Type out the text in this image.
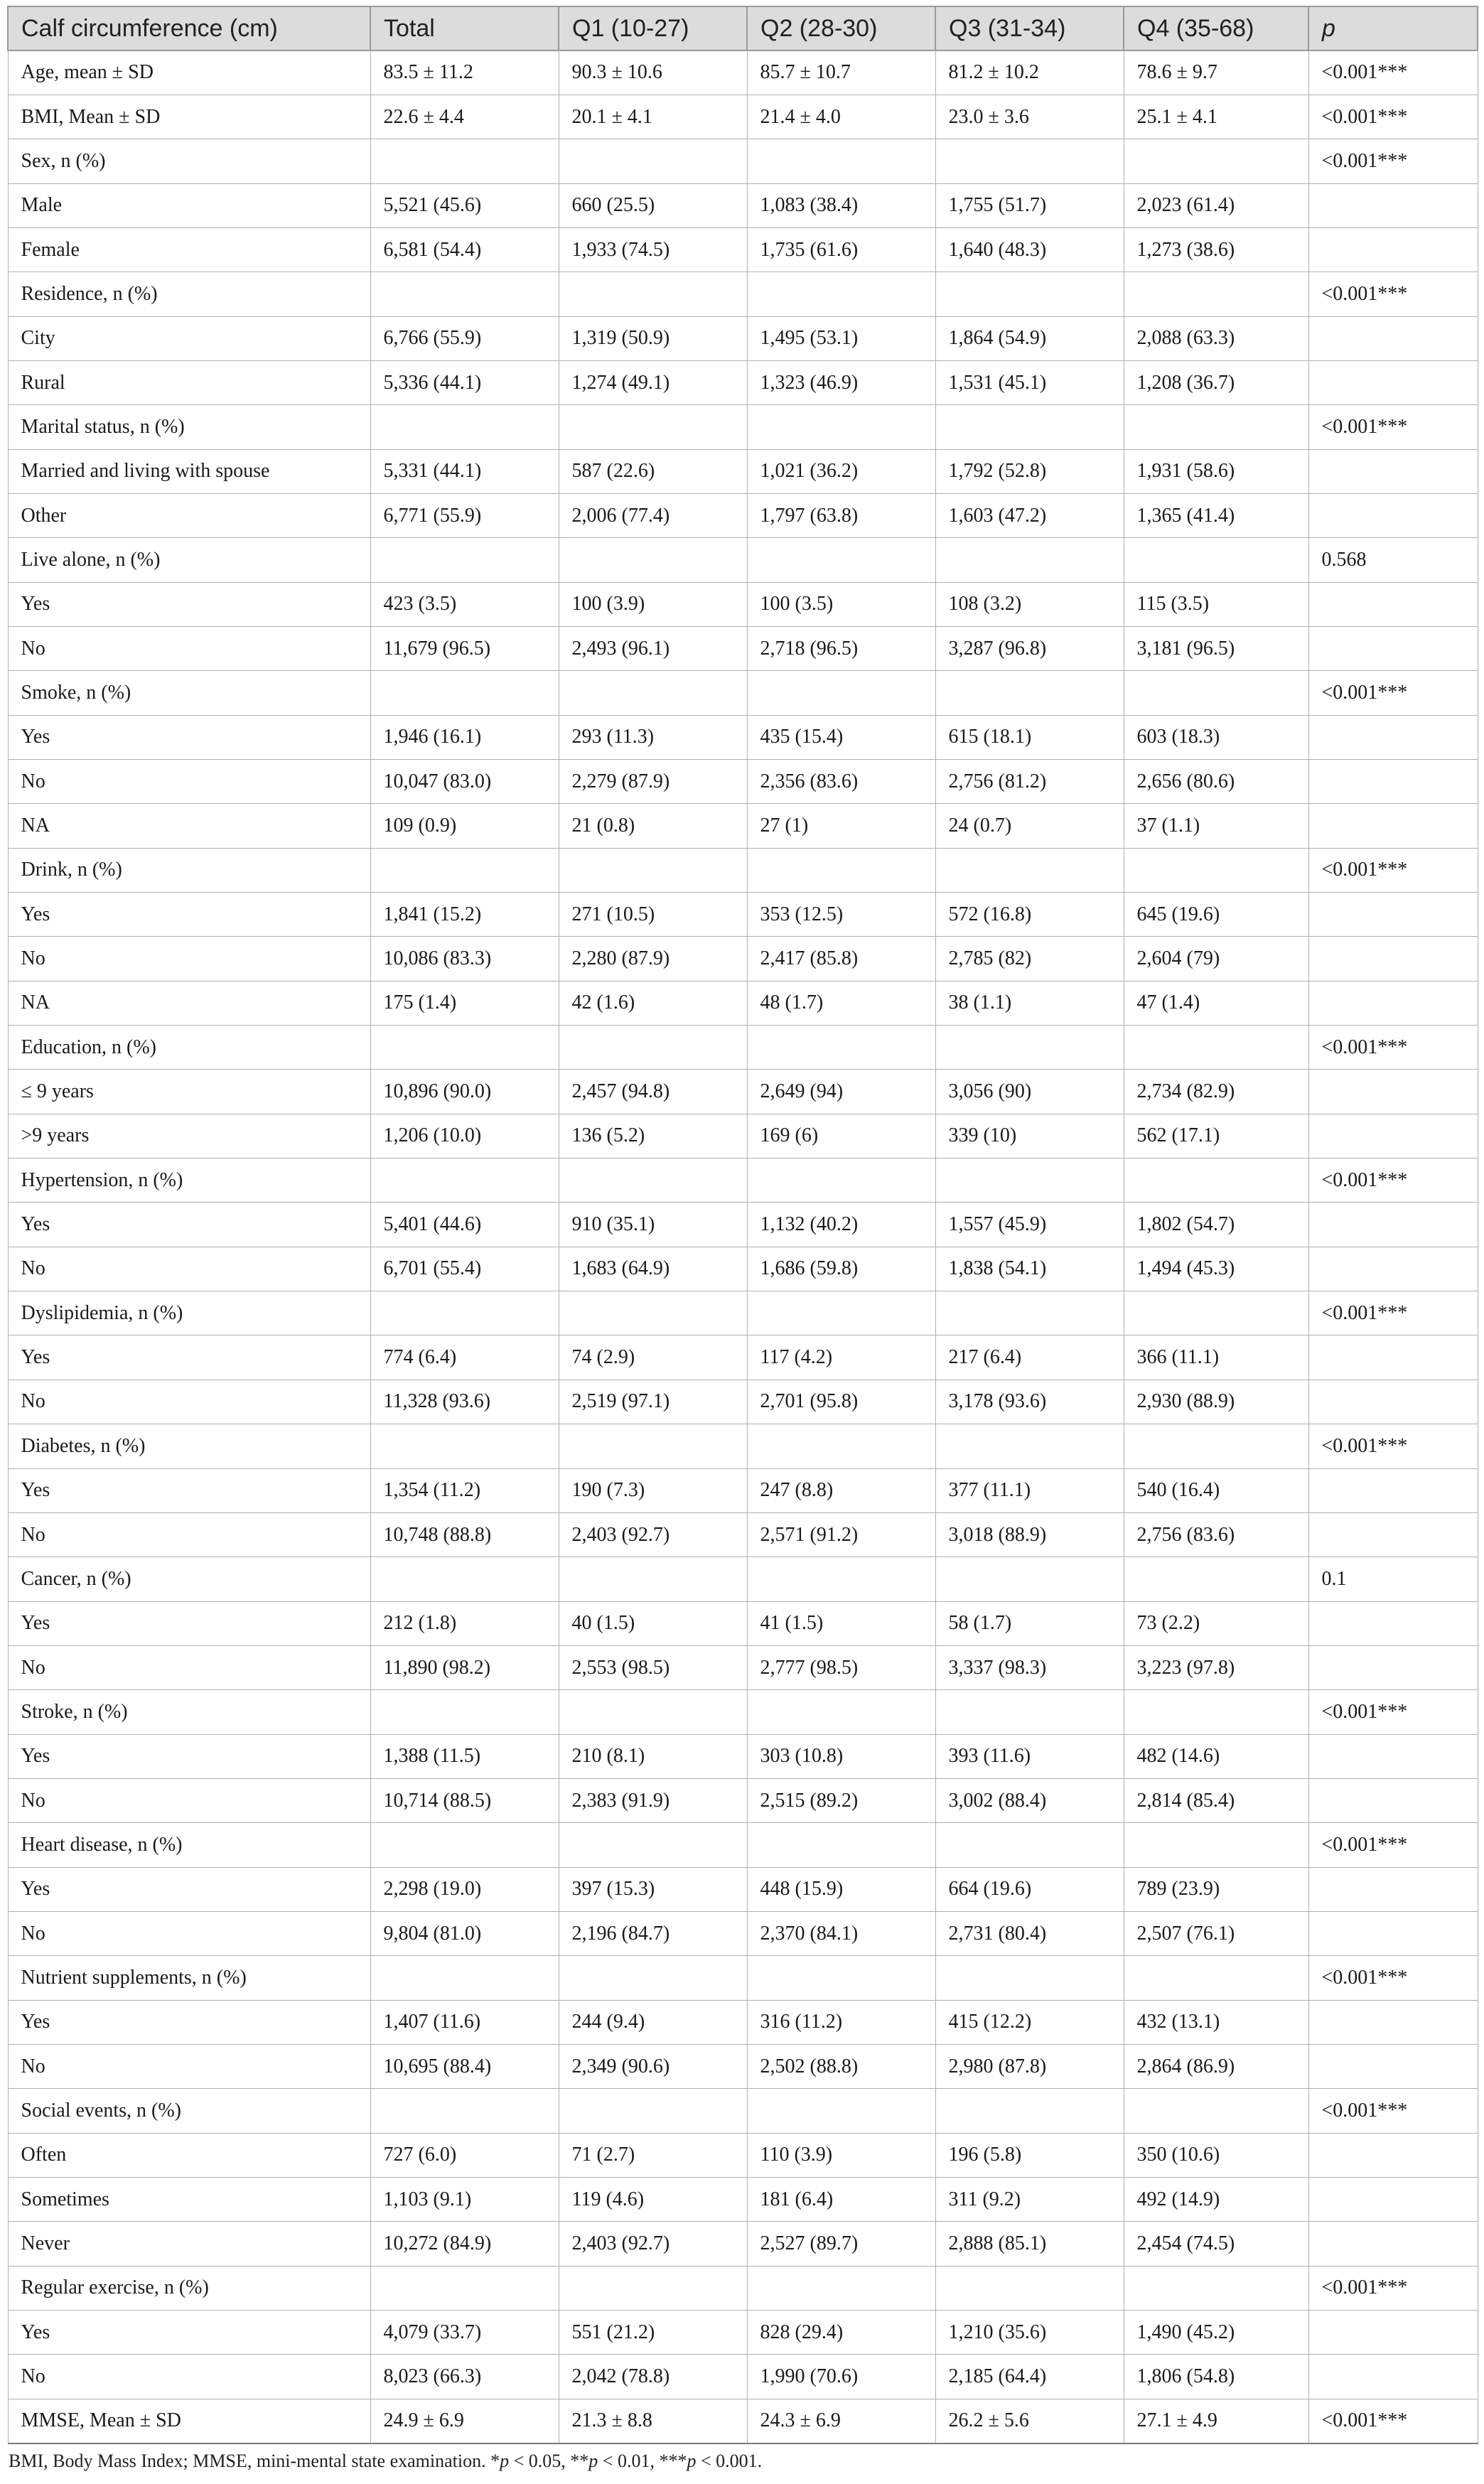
Calf circumference (cm)	Total	Q1 (10-27)	Q2 (28-30)	Q3 (31-34)	Q4 (35-68)	p
Age, mean ± SD	83.5 ± 11.2	90.3 ± 10.6	85.7 ± 10.7	81.2 ± 10.2	78.6 ± 9.7	<0.001***
BMI, Mean ± SD	22.6 ± 4.4	20.1 ± 4.1	21.4 ± 4.0	23.0 ± 3.6	25.1 ± 4.1	<0.001***
Sex, n (%)						<0.001***
Male	5,521 (45.6)	660 (25.5)	1,083 (38.4)	1,755 (51.7)	2,023 (61.4)	
Female	6,581 (54.4)	1,933 (74.5)	1,735 (61.6)	1,640 (48.3)	1,273 (38.6)	
Residence, n (%)						<0.001***
City	6,766 (55.9)	1,319 (50.9)	1,495 (53.1)	1,864 (54.9)	2,088 (63.3)	
Rural	5,336 (44.1)	1,274 (49.1)	1,323 (46.9)	1,531 (45.1)	1,208 (36.7)	
Marital status, n (%)						<0.001***
Married and living with spouse	5,331 (44.1)	587 (22.6)	1,021 (36.2)	1,792 (52.8)	1,931 (58.6)	
Other	6,771 (55.9)	2,006 (77.4)	1,797 (63.8)	1,603 (47.2)	1,365 (41.4)	
Live alone, n (%)						0.568
Yes	423 (3.5)	100 (3.9)	100 (3.5)	108 (3.2)	115 (3.5)	
No	11,679 (96.5)	2,493 (96.1)	2,718 (96.5)	3,287 (96.8)	3,181 (96.5)	
Smoke, n (%)						<0.001***
Yes	1,946 (16.1)	293 (11.3)	435 (15.4)	615 (18.1)	603 (18.3)	
No	10,047 (83.0)	2,279 (87.9)	2,356 (83.6)	2,756 (81.2)	2,656 (80.6)	
NA	109 (0.9)	21 (0.8)	27 (1)	24 (0.7)	37 (1.1)	
Drink, n (%)						<0.001***
Yes	1,841 (15.2)	271 (10.5)	353 (12.5)	572 (16.8)	645 (19.6)	
No	10,086 (83.3)	2,280 (87.9)	2,417 (85.8)	2,785 (82)	2,604 (79)	
NA	175 (1.4)	42 (1.6)	48 (1.7)	38 (1.1)	47 (1.4)	
Education, n (%)						<0.001***
≤ 9 years	10,896 (90.0)	2,457 (94.8)	2,649 (94)	3,056 (90)	2,734 (82.9)	
>9 years	1,206 (10.0)	136 (5.2)	169 (6)	339 (10)	562 (17.1)	
Hypertension, n (%)						<0.001***
Yes	5,401 (44.6)	910 (35.1)	1,132 (40.2)	1,557 (45.9)	1,802 (54.7)	
No	6,701 (55.4)	1,683 (64.9)	1,686 (59.8)	1,838 (54.1)	1,494 (45.3)	
Dyslipidemia, n (%)						<0.001***
Yes	774 (6.4)	74 (2.9)	117 (4.2)	217 (6.4)	366 (11.1)	
No	11,328 (93.6)	2,519 (97.1)	2,701 (95.8)	3,178 (93.6)	2,930 (88.9)	
Diabetes, n (%)						<0.001***
Yes	1,354 (11.2)	190 (7.3)	247 (8.8)	377 (11.1)	540 (16.4)	
No	10,748 (88.8)	2,403 (92.7)	2,571 (91.2)	3,018 (88.9)	2,756 (83.6)	
Cancer, n (%)						0.1
Yes	212 (1.8)	40 (1.5)	41 (1.5)	58 (1.7)	73 (2.2)	
No	11,890 (98.2)	2,553 (98.5)	2,777 (98.5)	3,337 (98.3)	3,223 (97.8)	
Stroke, n (%)						<0.001***
Yes	1,388 (11.5)	210 (8.1)	303 (10.8)	393 (11.6)	482 (14.6)	
No	10,714 (88.5)	2,383 (91.9)	2,515 (89.2)	3,002 (88.4)	2,814 (85.4)	
Heart disease, n (%)						<0.001***
Yes	2,298 (19.0)	397 (15.3)	448 (15.9)	664 (19.6)	789 (23.9)	
No	9,804 (81.0)	2,196 (84.7)	2,370 (84.1)	2,731 (80.4)	2,507 (76.1)	
Nutrient supplements, n (%)						<0.001***
Yes	1,407 (11.6)	244 (9.4)	316 (11.2)	415 (12.2)	432 (13.1)	
No	10,695 (88.4)	2,349 (90.6)	2,502 (88.8)	2,980 (87.8)	2,864 (86.9)	
Social events, n (%)						<0.001***
Often	727 (6.0)	71 (2.7)	110 (3.9)	196 (5.8)	350 (10.6)	
Sometimes	1,103 (9.1)	119 (4.6)	181 (6.4)	311 (9.2)	492 (14.9)	
Never	10,272 (84.9)	2,403 (92.7)	2,527 (89.7)	2,888 (85.1)	2,454 (74.5)	
Regular exercise, n (%)						<0.001***
Yes	4,079 (33.7)	551 (21.2)	828 (29.4)	1,210 (35.6)	1,490 (45.2)	
No	8,023 (66.3)	2,042 (78.8)	1,990 (70.6)	2,185 (64.4)	1,806 (54.8)	
MMSE, Mean ± SD	24.9 ± 6.9	21.3 ± 8.8	24.3 ± 6.9	26.2 ± 5.6	27.1 ± 4.9	<0.001***
BMI, Body Mass Index; MMSE, mini-mental state examination. *p < 0.05, **p < 0.01, ***p < 0.001.
